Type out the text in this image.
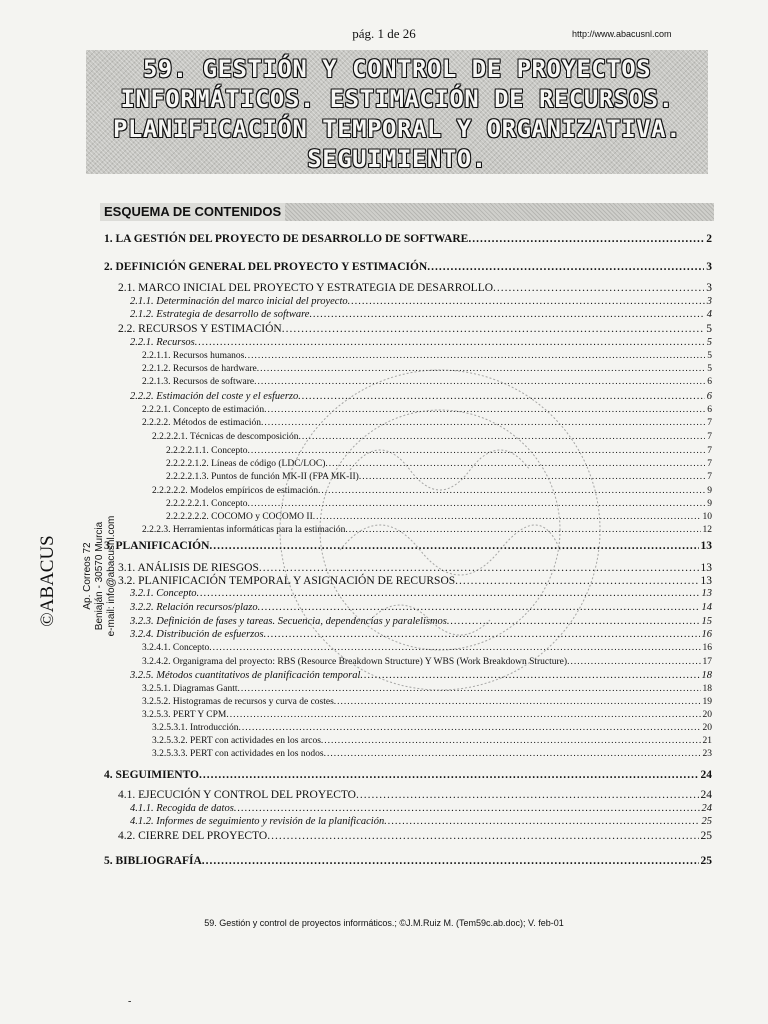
pág. 1 de 26	http://www.abacusnl.com
59. GESTIÓN Y CONTROL DE PROYECTOS
INFORMÁTICOS. ESTIMACIÓN DE RECURSOS.
PLANIFICACIÓN TEMPORAL Y ORGANIZATIVA.
SEGUIMIENTO.
ESQUEMA DE CONTENIDOS
1. LA GESTIÓN DEL PROYECTO DE DESARROLLO DE SOFTWARE .....	2
2. DEFINICIÓN GENERAL DEL PROYECTO Y ESTIMACIÓN .....	3
2.1. MARCO INICIAL DEL PROYECTO Y ESTRATEGIA DE DESARROLLO .....	3
2.1.1. Determinación del marco inicial del proyecto .....	3
2.1.2. Estrategia de desarrollo de software .....	4
2.2. RECURSOS Y ESTIMACIÓN .....	5
2.2.1. Recursos .....	5
2.2.1.1. Recursos humanos .....	5
2.2.1.2. Recursos de hardware .....	5
2.2.1.3. Recursos de software .....	6
2.2.2. Estimación del coste y el esfuerzo .....	6
2.2.2.1. Concepto de estimación .....	6
2.2.2.2. Métodos de estimación .....	7
2.2.2.2.1. Técnicas de descomposición .....	7
2.2.2.2.1.1. Concepto .....	7
2.2.2.2.1.2. Líneas de código (LDC/LOC) .....	7
2.2.2.2.1.3. Puntos de función MK-II (FPA MK-II) .....	7
2.2.2.2.2. Modelos empíricos de estimación .....	9
2.2.2.2.2.1. Concepto .....	9
2.2.2.2.2.2. COCOMO y COCOMO II .....	10
2.2.2.3. Herramientas informáticas para la estimación .....	12
3. PLANIFICACIÓN .....	13
3.1. ANÁLISIS DE RIESGOS .....	13
3.2. PLANIFICACIÓN TEMPORAL Y ASIGNACIÓN DE RECURSOS .....	13
3.2.1. Concepto .....	13
3.2.2. Relación recursos/plazo .....	14
3.2.3. Definición de fases y tareas. Secuencia, dependencias y paralelismos .....	15
3.2.4. Distribución de esfuerzos .....	16
3.2.4.1. Concepto .....	16
3.2.4.2. Organigrama del proyecto: RBS (Resource Breakdown Structure) Y WBS (Work Breakdown Structure) .....	17
3.2.5. Métodos cuantitativos de planificación temporal .....	18
3.2.5.1. Diagramas Gantt .....	18
3.2.5.2. Histogramas de recursos y curva de costes .....	19
3.2.5.3. PERT Y CPM .....	20
3.2.5.3.1. Introducción .....	20
3.2.5.3.2. PERT con actividades en los arcos .....	21
3.2.5.3.3. PERT con actividades en los nodos .....	23
4. SEGUIMIENTO .....	24
4.1. EJECUCIÓN Y CONTROL DEL PROYECTO .....	24
4.1.1. Recogida de datos .....	24
4.1.2. Informes de seguimiento y revisión de la planificación .....	25
4.2. CIERRE DEL PROYECTO .....	25
5. BIBLIOGRAFÍA .....	25
©ABACUS Ap. Correos 72 Beniaján - 30570 Murcia e-mail: info@abacusnl.com
59. Gestión y control de proyectos informáticos.; ©J.M.Ruiz M. (Tem59c.ab.doc); V. feb-01
-
